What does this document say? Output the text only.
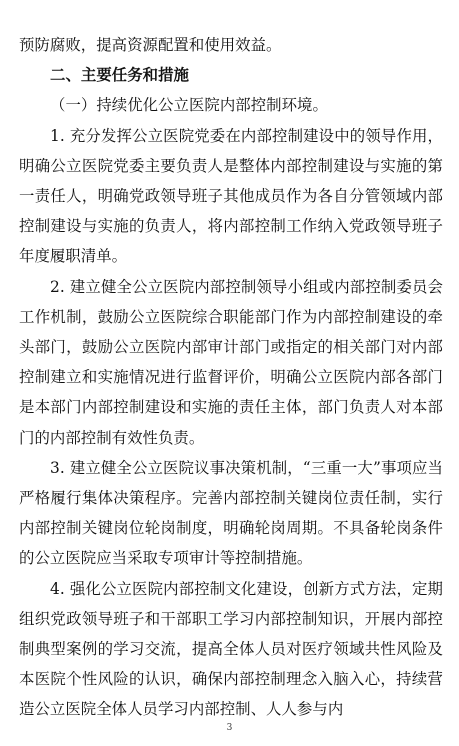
预防腐败，提高资源配置和使用效益。

二、主要任务和措施

（一）持续优化公立医院内部控制环境。

1. 充分发挥公立医院党委在内部控制建设中的领导作用，明确公立医院党委主要负责人是整体内部控制建设与实施的第一责任人，明确党政领导班子其他成员作为各自分管领域内部控制建设与实施的负责人，将内部控制工作纳入党政领导班子年度履职清单。

2. 建立健全公立医院内部控制领导小组或内部控制委员会工作机制，鼓励公立医院综合职能部门作为内部控制建设的牵头部门，鼓励公立医院内部审计部门或指定的相关部门对内部控制建立和实施情况进行监督评价，明确公立医院内部各部门是本部门内部控制建设和实施的责任主体，部门负责人对本部门的内部控制有效性负责。

3. 建立健全公立医院议事决策机制，“三重一大”事项应当严格履行集体决策程序。完善内部控制关键岗位责任制，实行内部控制关键岗位轮岗制度，明确轮岗周期。不具备轮岗条件的公立医院应当采取专项审计等控制措施。

4. 强化公立医院内部控制文化建设，创新方式方法，定期组织党政领导班子和干部职工学习内部控制知识，开展内部控制典型案例的学习交流，提高全体人员对医疗领域共性风险及本医院个性风险的认识，确保内部控制理念入脑入心，持续营造公立医院全体人员学习内部控制、人人参与内

3
